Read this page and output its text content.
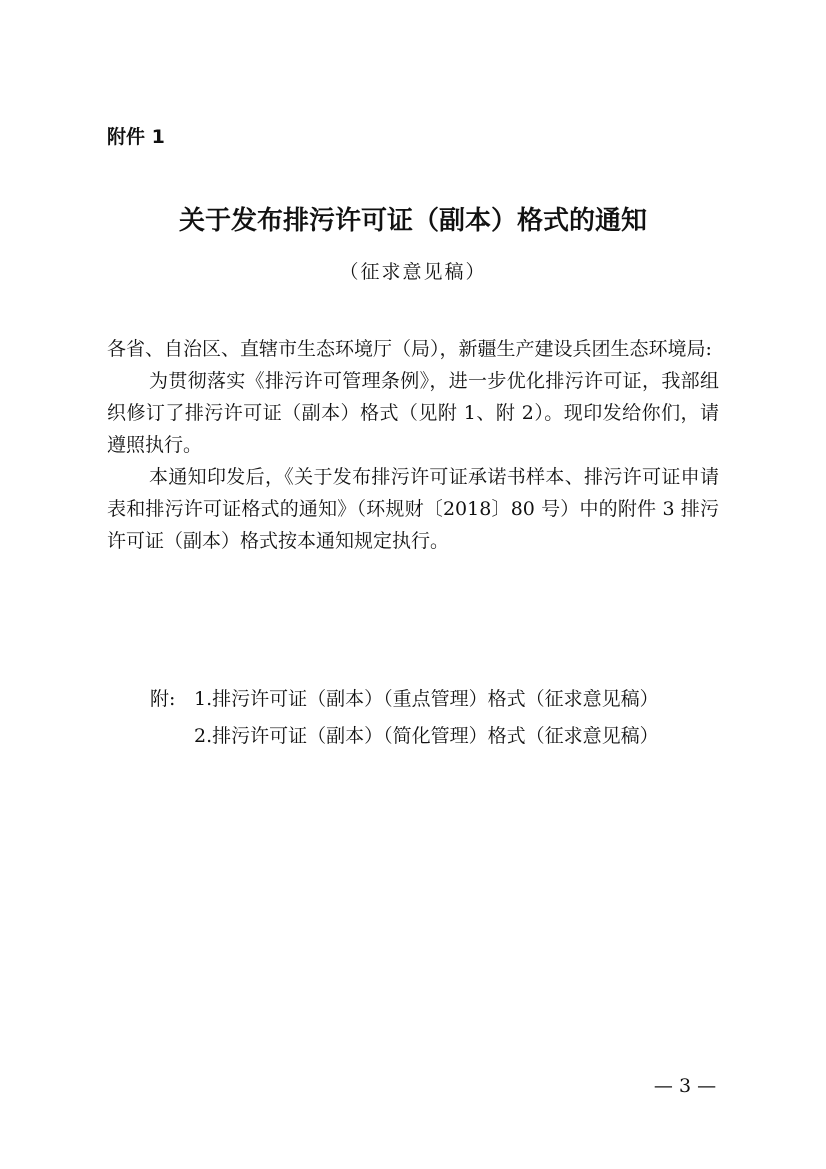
附件 1
关于发布排污许可证（副本）格式的通知
（征求意见稿）

各省、自治区、直辖市生态环境厅（局），新疆生产建设兵团生态环境局:

为贯彻落实《排污许可管理条例》，进一步优化排污许可证，我部组织修订了排污许可证（副本）格式（见附 1、附 2）。现印发给你们，请遵照执行。

本通知印发后，《关于发布排污许可证承诺书样本、排污许可证申请表和排污许可证格式的通知》（环规财〔2018〕80 号）中的附件 3 排污许可证（副本）格式按本通知规定执行。

附: 1.排污许可证（副本）（重点管理）格式（征求意见稿）
2.排污许可证（副本）（简化管理）格式（征求意见稿）
— 3 —
